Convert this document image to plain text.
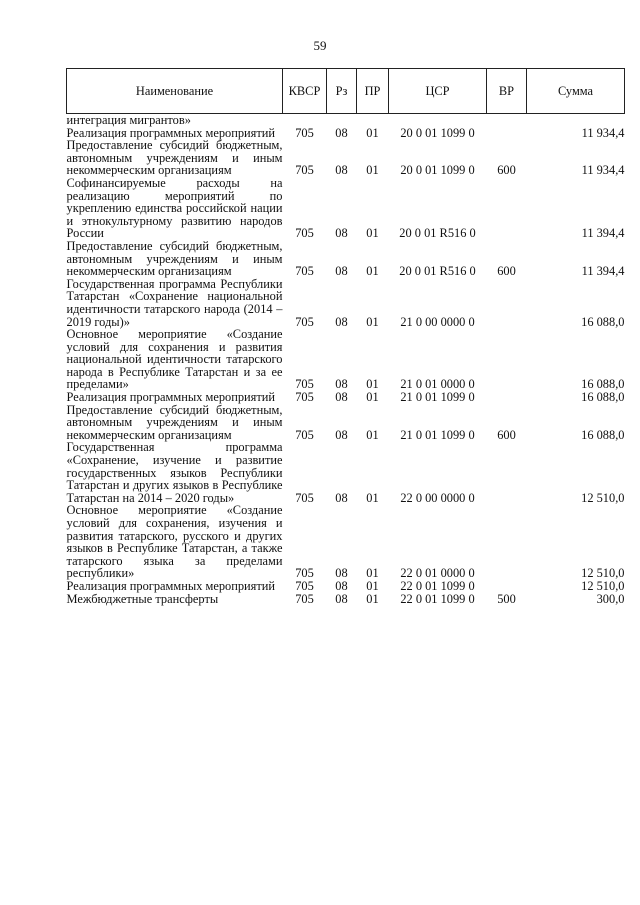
59
Наименование	КВСР	Рз	ПР	ЦСР	ВР	Сумма
интеграция мигрантов»						
Реализация программных мероприятий	705	08	01	20 0 01 1099 0		11 934,4
Предоставление субсидий бюджетным, автономным учреждениям и иным некоммерческим организациям	705	08	01	20 0 01 1099 0	600	11 934,4
Софинансируемые расходы на реализацию мероприятий по укреплению единства российской нации и этнокультурному развитию народов России	705	08	01	20 0 01 R516 0		11 394,4
Предоставление субсидий бюджетным, автономным учреждениям и иным некоммерческим организациям	705	08	01	20 0 01 R516 0	600	11 394,4
Государственная программа Республики Татарстан «Сохранение национальной идентичности татарского народа (2014 – 2019 годы)»	705	08	01	21 0 00 0000 0		16 088,0
Основное мероприятие «Создание условий для сохранения и развития национальной идентичности татарского народа в Республике Татарстан и за ее пределами»	705	08	01	21 0 01 0000 0		16 088,0
Реализация программных мероприятий	705	08	01	21 0 01 1099 0		16 088,0
Предоставление субсидий бюджетным, автономным учреждениям и иным некоммерческим организациям	705	08	01	21 0 01 1099 0	600	16 088,0
Государственная программа «Сохранение, изучение и развитие государственных языков Республики Татарстан и других языков в Республике Татарстан на 2014 – 2020 годы»	705	08	01	22 0 00 0000 0		12 510,0
Основное мероприятие «Создание условий для сохранения, изучения и развития татарского, русского и других языков в Республике Татарстан, а также татарского языка за пределами республики»	705	08	01	22 0 01 0000 0		12 510,0
Реализация программных мероприятий	705	08	01	22 0 01 1099 0		12 510,0
Межбюджетные трансферты	705	08	01	22 0 01 1099 0	500	300,0
